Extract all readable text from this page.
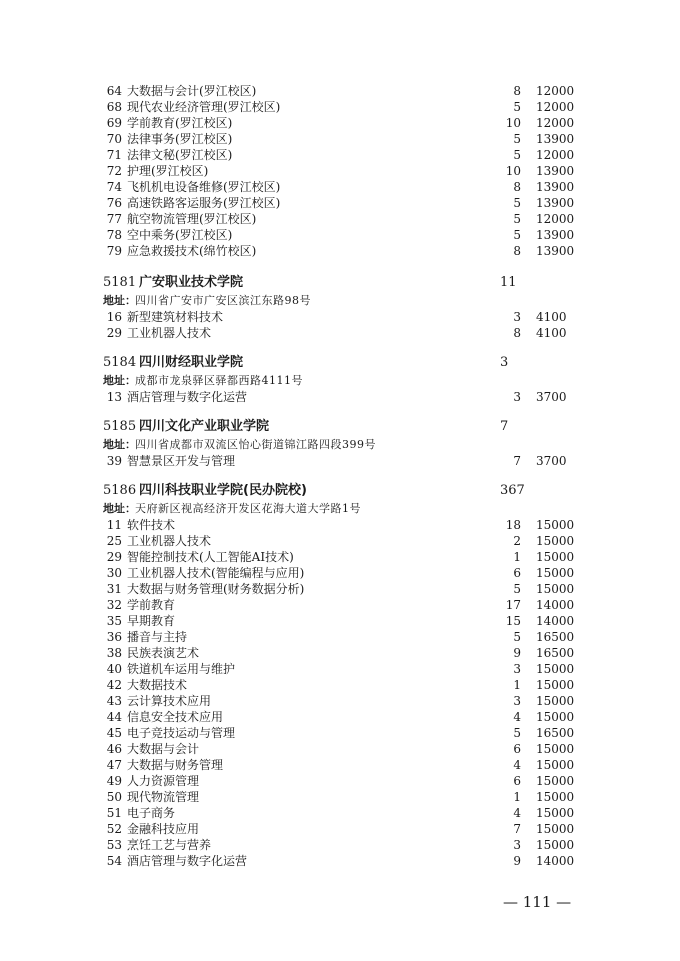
64 大数据与会计(罗江校区)	8 12000
68 现代农业经济管理(罗江校区)	5 12000
69 学前教育(罗江校区)	10 12000
70 法律事务(罗江校区)	5 13900
71 法律文秘(罗江校区)	5 12000
72 护理(罗江校区)	10 13900
74 飞机机电设备维修(罗江校区)	8 13900
76 高速铁路客运服务(罗江校区)	5 13900
77 航空物流管理(罗江校区)	5 12000
78 空中乘务(罗江校区)	5 13900
79 应急救援技术(绵竹校区)	8 13900
5181 广安职业技术学院	11
地址： 四川省广安市广安区滨江东路98号
16 新型建筑材料技术	3 4100
29 工业机器人技术	8 4100
5184 四川财经职业学院	3
地址： 成都市龙泉驿区驿都西路4111号
13 酒店管理与数字化运营	3 3700
5185 四川文化产业职业学院	7
地址： 四川省成都市双流区怡心街道锦江路四段399号
39 智慧景区开发与管理	7 3700
5186 四川科技职业学院(民办院校)	367
地址： 天府新区视高经济开发区花海大道大学路1号
11 软件技术	18 15000
25 工业机器人技术	2 15000
29 智能控制技术(人工智能AI技术)	1 15000
30 工业机器人技术(智能编程与应用)	6 15000
31 大数据与财务管理(财务数据分析)	5 15000
32 学前教育	17 14000
35 早期教育	15 14000
36 播音与主持	5 16500
38 民族表演艺术	9 16500
40 铁道机车运用与维护	3 15000
42 大数据技术	1 15000
43 云计算技术应用	3 15000
44 信息安全技术应用	4 15000
45 电子竞技运动与管理	5 16500
46 大数据与会计	6 15000
47 大数据与财务管理	4 15000
49 人力资源管理	6 15000
50 现代物流管理	1 15000
51 电子商务	4 15000
52 金融科技应用	7 15000
53 烹饪工艺与营养	3 15000
54 酒店管理与数字化运营	9 14000
— 111 —
